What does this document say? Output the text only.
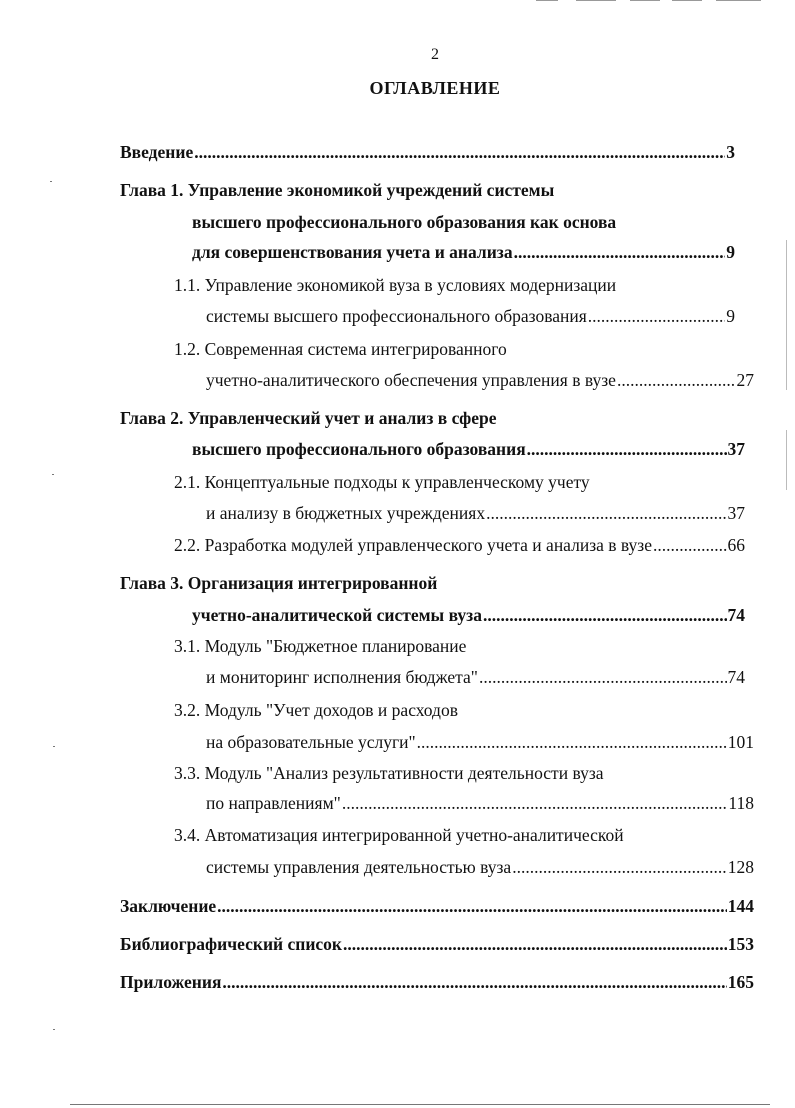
2
ОГЛАВЛЕНИЕ
Введение .....	3
Глава 1. Управление экономикой учреждений системы
высшего профессионального образования как основа
для совершенствования учета и анализа .....	9
1.1. Управление экономикой вуза в условиях модернизации
системы высшего профессионального образования .....	9
1.2. Современная система интегрированного
учетно-аналитического обеспечения управления в вузе .....	27
Глава 2. Управленческий учет и анализ в сфере
высшего профессионального образования .....	37
2.1. Концептуальные подходы к управленческому учету
и анализу в бюджетных учреждениях .....	37
2.2. Разработка модулей управленческого учета и анализа в вузе .....	66
Глава 3. Организация интегрированной
учетно-аналитической системы вуза .....	74
3.1. Модуль "Бюджетное планирование
и мониторинг исполнения бюджета" .....	74
3.2. Модуль "Учет доходов и расходов
на образовательные услуги" .....	101
3.3. Модуль "Анализ результативности деятельности вуза
по направлениям" .....	118
3.4. Автоматизация интегрированной учетно-аналитической
системы управления деятельностью вуза .....	128
Заключение .....	144
Библиографический список .....	153
Приложения .....	165
